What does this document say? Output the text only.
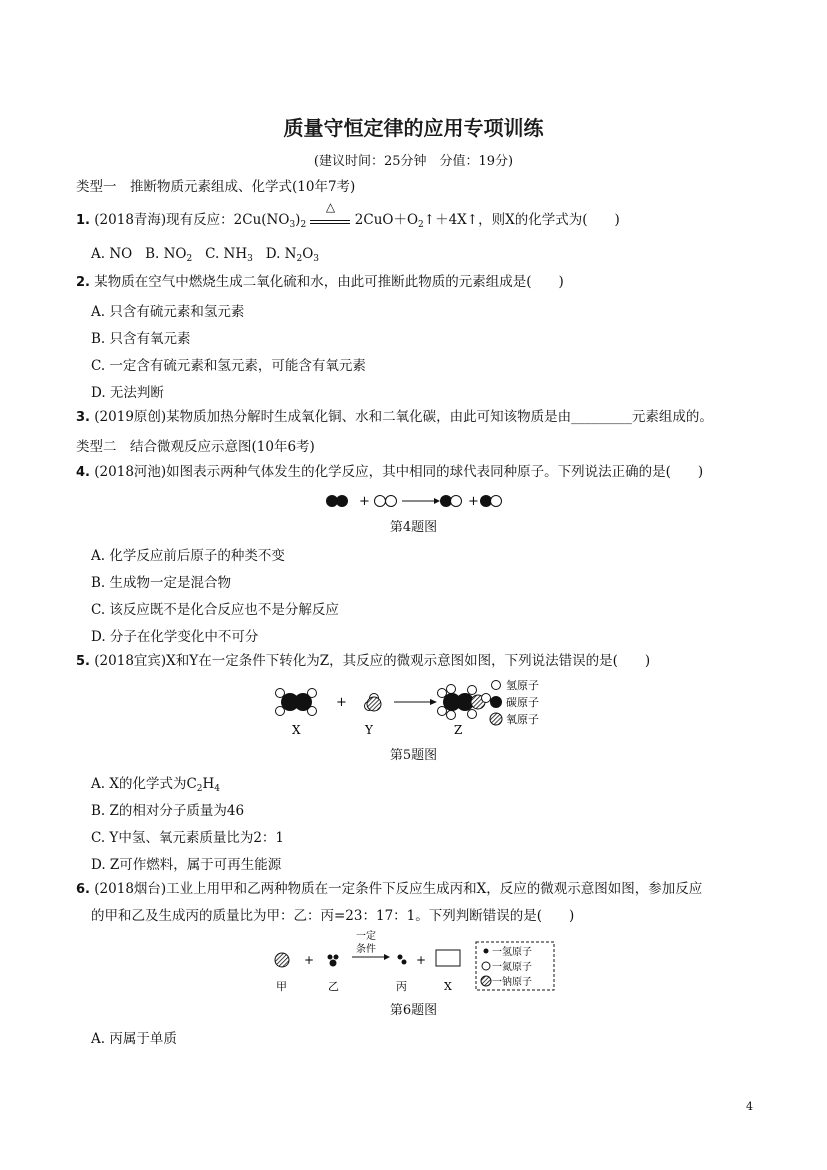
质量守恒定律的应用专项训练
(建议时间：25分钟　分值：19分)
类型一　推断物质元素组成、化学式(10年7考)
1. (2018青海)现有反应：$2Cu(NO_3)_2$
△
$2CuO+O_2↑+4X↑$，则X的化学式为(　　)
A. NO B. $NO_2$ C. $NH_3$ D. $N_2O_3$
2. 某物质在空气中燃烧生成二氧化硫和水，由此可推断此物质的元素组成是(　　)
A. 只含有硫元素和氢元素
B. 只含有氧元素
C. 一定含有硫元素和氢元素，可能含有氧元素
D. 无法判断
3. (2019原创)某物质加热分解时生成氧化铜、水和二氧化碳，由此可知该物质是由_________元素组成的。
类型二　结合微观反应示意图(10年6考)
4. (2018河池)如图表示两种气体发生的化学反应，其中相同的球代表同种原子。下列说法正确的是(　　)
+	+
第4题图
A. 化学反应前后原子的种类不变
B. 生成物一定是混合物
C. 该反应既不是化合反应也不是分解反应
D. 分子在化学变化中不可分
5. (2018宜宾)X和Y在一定条件下转化为Z，其反应的微观示意图如图，下列说法错误的是(　　)
X
+
Y	Z
氢原子
碳原子
氧原子
第5题图
A. X的化学式为$C_2H_4$
B. Z的相对分子质量为46
C. Y中氢、氧元素质量比为2：1
D. Z可作燃料，属于可再生能源
6. (2018烟台)工业上用甲和乙两种物质在一定条件下反应生成丙和X，反应的微观示意图如图，参加反应
的甲和乙及生成丙的质量比为甲：乙：丙=23：17：1。下列判断错误的是(　　)
甲
+
乙
一定
条件
丙
+
X
一氢原子
一氮原子
一钠原子
第6题图
A. 丙属于单质
4
